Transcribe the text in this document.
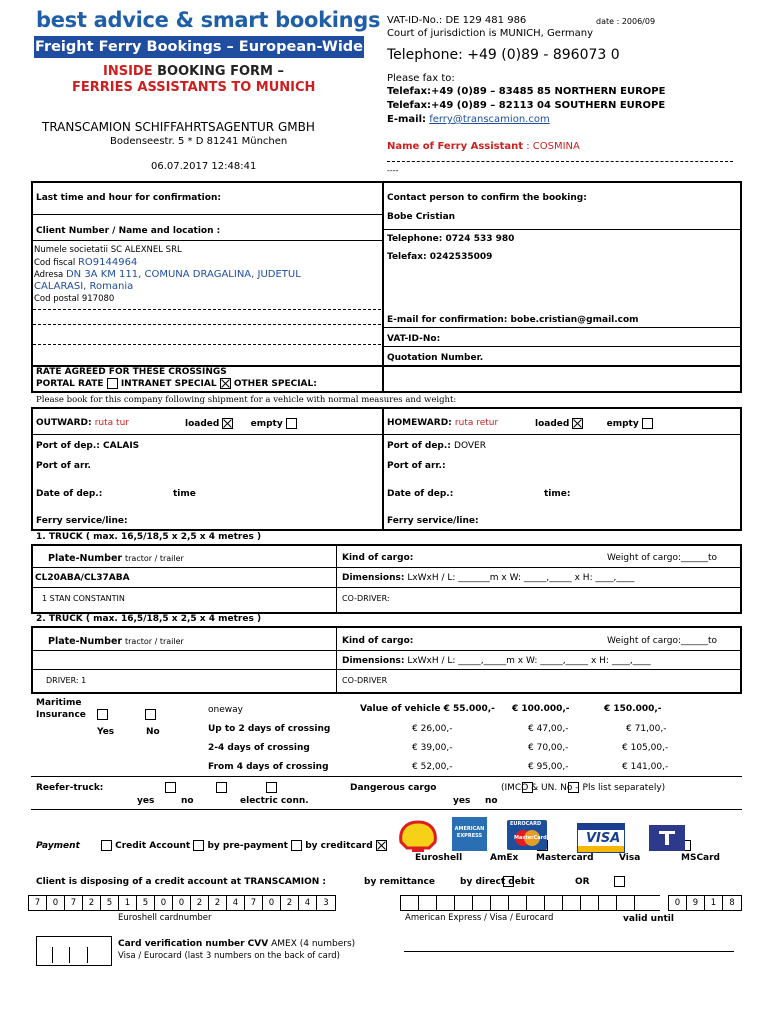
best advice & smart bookings
Freight Ferry Bookings – European-Wide
INSIDE BOOKING FORM –
FERRIES ASSISTANTS TO MUNICH
TRANSCAMION SCHIFFAHRTSAGENTUR GMBH
Bodenseestr. 5 * D 81241 München
06.07.2017 12:48:41
VAT-ID-No.: DE 129 481 986	date : 2006/09
Court of jurisdiction is MUNICH, Germany
Telephone: +49 (0)89 - 896073 0
Please fax to:
Telefax:+49 (0)89 – 83485 85 NORTHERN EUROPE
Telefax:+49 (0)89 – 82113 04 SOUTHERN EUROPE
E-mail: ferry@transcamion.com
Name of Ferry Assistant : COSMINA
----
Last time and hour for confirmation:	Contact person to confirm the booking:
Bobe Cristian
Client Number / Name and location :
Telephone: 0724 533 980
Numele societatii SC ALEXNEL SRL
Cod fiscal RO9144964	Telefax: 0242535009
Adresa DN 3A KM 111, COMUNA DRAGALINA, JUDETUL
CALARASI, Romania
Cod postal 917080
E-mail for confirmation: bobe.cristian@gmail.com
VAT-ID-No:
Quotation Number.
RATE AGREED FOR THESE CROSSINGS
PORTAL RATE INTRANET SPECIAL OTHER SPECIAL:
Please book for this company following shipment for a vehicle with normal measures and weight:
OUTWARD: ruta tur	loaded	empty
Port of dep.: CALAIS
Port of arr.
Date of dep.:	time
Ferry service/line:
HOMEWARD: ruta retur	loaded	empty
Port of dep.: DOVER
Port of arr.:
Date of dep.:	time:
Ferry service/line:
1. TRUCK ( max. 16,5/18,5 x 2,5 x 4 metres )
Plate-Number tractor / trailer	Kind of cargo:	Weight of cargo:______to
CL20ABA/CL37ABA	Dimensions: LxWxH / L: _______m x W: _____,_____ x H: ____,____
1 STAN CONSTANTIN	CO-DRIVER:
2. TRUCK ( max. 16,5/18,5 x 2,5 x 4 metres )
Plate-Number tractor / trailer	Kind of cargo:	Weight of cargo:______to
Dimensions: LxWxH / L: _____,_____m x W: _____,_____ x H: ____,____
DRIVER: 1	CO-DRIVER
Maritime
Insurance

Yes	No
oneway	Value of vehicle € 55.000,- € 100.000,-	€ 150.000,-
Up to 2 days of crossing	€ 26,00,-	€ 47,00,-	€ 71,00,-
2-4 days of crossing	€ 39,00,-	€ 70,00,-	€ 105,00,-
From 4 days of crossing	€ 52,00,-	€ 95,00,-	€ 141,00,-
Reefer-truck:

yes	no	electric conn.
Dangerous cargo
	(IMCO & UN. No – Pls list separately)
yes no
Payment	Credit Account by pre-payment by creditcard

AMERICAN EXPRESS

EUROCARD
MasterCard
	VISA

Euroshell	AmEx Mastercard	Visa	MSCard
Client is disposing of a credit account at TRANSCAMION :
	by remittance	by direct debit	OR
7	0	7	2	5	1	5	0	0	2	2	4	7	0	2	4	3	0	9	1	8
Euroshell cardnumber	American Express / Visa / Eurocard	valid until
Card verification number CVV AMEX (4 numbers)
Visa / Eurocard (last 3 numbers on the back of card)
